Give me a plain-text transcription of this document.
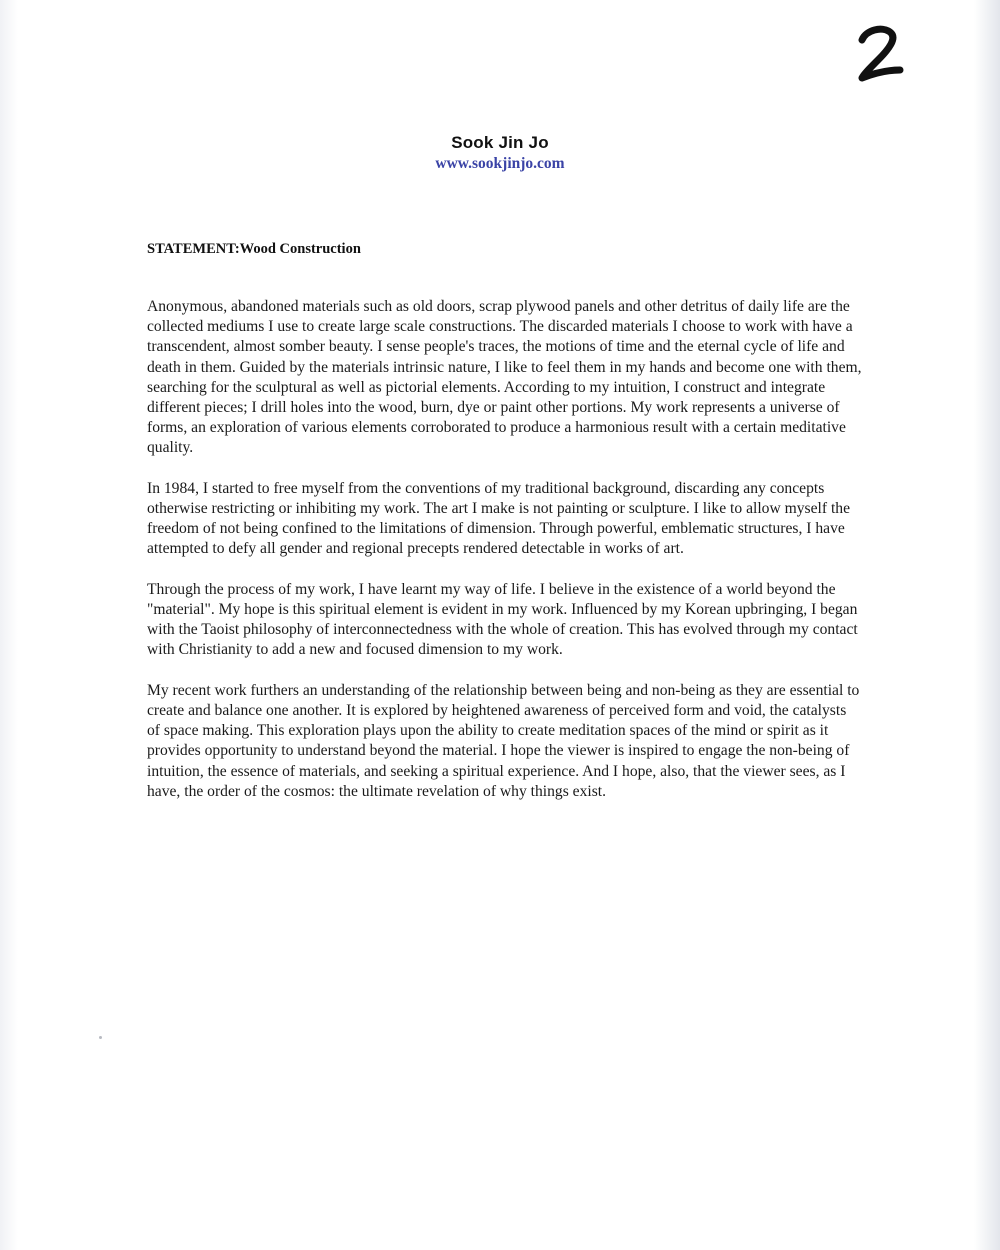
Sook Jin Jo
www.sookjinjo.com
STATEMENT:Wood Construction

Anonymous, abandoned materials such as old doors, scrap plywood panels and other detritus of daily life are the collected mediums I use to create large scale constructions. The discarded materials I choose to work with have a transcendent, almost somber beauty. I sense people's traces, the motions of time and the eternal cycle of life and death in them. Guided by the materials intrinsic nature, I like to feel them in my hands and become one with them, searching for the sculptural as well as pictorial elements. According to my intuition, I construct and integrate different pieces; I drill holes into the wood, burn, dye or paint other portions. My work represents a universe of forms, an exploration of various elements corroborated to produce a harmonious result with a certain meditative quality.

In 1984, I started to free myself from the conventions of my traditional background, discarding any concepts otherwise restricting or inhibiting my work. The art I make is not painting or sculpture. I like to allow myself the freedom of not being confined to the limitations of dimension. Through powerful, emblematic structures, I have attempted to defy all gender and regional precepts rendered detectable in works of art.

Through the process of my work, I have learnt my way of life. I believe in the existence of a world beyond the "material". My hope is this spiritual element is evident in my work. Influenced by my Korean upbringing, I began with the Taoist philosophy of interconnectedness with the whole of creation. This has evolved through my contact with Christianity to add a new and focused dimension to my work.

My recent work furthers an understanding of the relationship between being and non-being as they are essential to create and balance one another. It is explored by heightened awareness of perceived form and void, the catalysts of space making. This exploration plays upon the ability to create meditation spaces of the mind or spirit as it provides opportunity to understand beyond the material. I hope the viewer is inspired to engage the non-being of intuition, the essence of materials, and seeking a spiritual experience. And I hope, also, that the viewer sees, as I have, the order of the cosmos: the ultimate revelation of why things exist.
